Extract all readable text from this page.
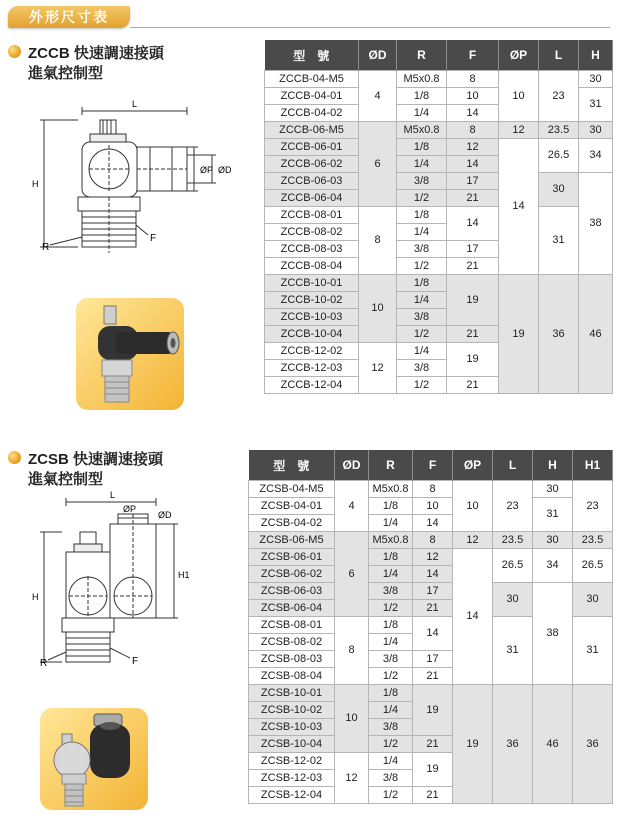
外形尺寸表
ZCCB 快速調速接頭
進氣控制型
L
H
ØP ØD
R
F
型　號	ØD	R	F	ØP	L	H
ZCCB-04-M5	4	M5x0.8	8	10	23	30
ZCCB-04-01		1/8	10			31
ZCCB-04-02		1/4	14			
ZCCB-06-M5	6	M5x0.8	8	12	23.5	30
ZCCB-06-01		1/8	12	14	26.5	34
ZCCB-06-02		1/4	14			
ZCCB-06-03		3/8	17		30	38
ZCCB-06-04		1/2	21			
ZCCB-08-01	8	1/8	14		31	
ZCCB-08-02		1/4				
ZCCB-08-03		3/8	17			
ZCCB-08-04		1/2	21			
ZCCB-10-01	10	1/8	19	19	36	46
ZCCB-10-02		1/4				
ZCCB-10-03		3/8				
ZCCB-10-04		1/2	21			
ZCCB-12-02	12	1/4	19			
ZCCB-12-03		3/8				
ZCCB-12-04		1/2	21			
ZCSB 快速調速接頭
進氣控制型
L
ØP
ØD
H
H1
R	F
型　號	ØD	R	F	ØP	L	H	H1
ZCSB-04-M5	4	M5x0.8	8	10	23	30	23
ZCSB-04-01		1/8	10			31	
ZCSB-04-02		1/4	14				
ZCSB-06-M5	6	M5x0.8	8	12	23.5	30	23.5
ZCSB-06-01		1/8	12	14	26.5	34	26.5
ZCSB-06-02		1/4	14				
ZCSB-06-03		3/8	17		30	38	30
ZCSB-06-04		1/2	21				
ZCSB-08-01	8	1/8	14		31		31
ZCSB-08-02		1/4					
ZCSB-08-03		3/8	17				
ZCSB-08-04		1/2	21				
ZCSB-10-01	10	1/8	19	19	36	46	36
ZCSB-10-02		1/4					
ZCSB-10-03		3/8					
ZCSB-10-04		1/2	21				
ZCSB-12-02	12	1/4	19				
ZCSB-12-03		3/8					
ZCSB-12-04		1/2	21				
